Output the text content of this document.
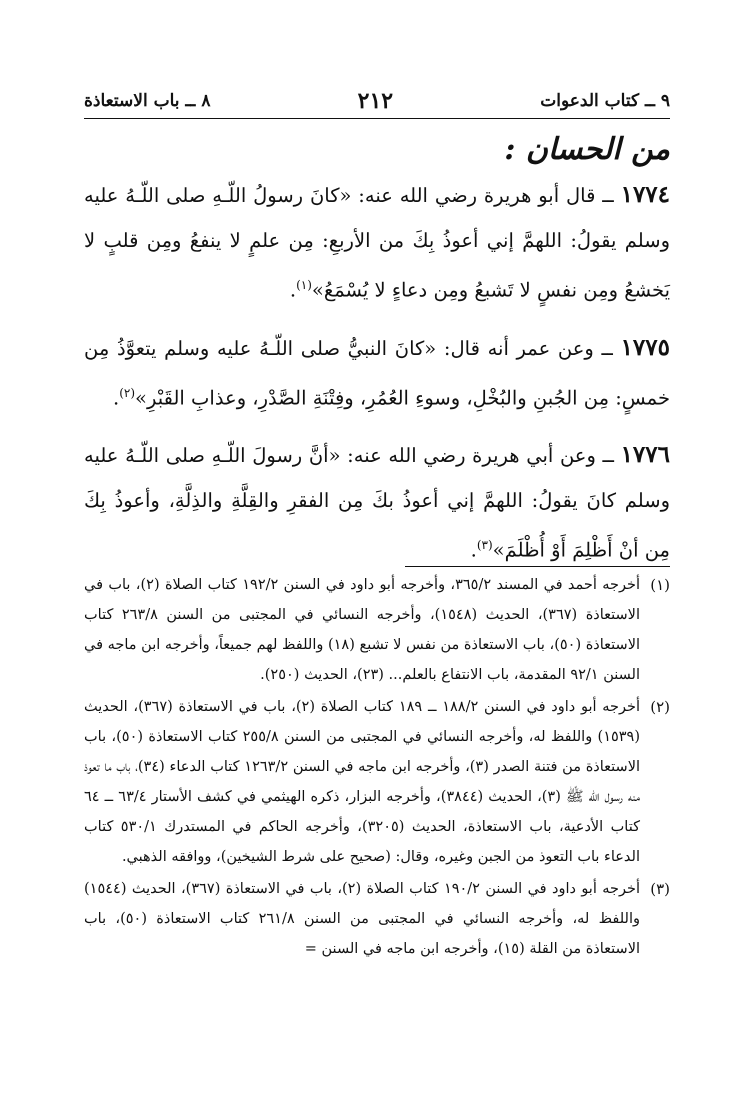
٩ ــ كتاب الدعوات
٢١٢
٨ ــ باب الاستعاذة
من الحسان :

١٧٧٤ ــ قال أبو هريرة رضي الله عنه: «كانَ رسولُ اللّـهِ صلى اللّـهُ عليه وسلم يقولُ: اللهمَّ إني أعوذُ بِكَ من الأربعِ: مِن علمٍ لا ينفعُ ومِن قلبٍ لا يَخشعُ ومِن نفسٍ لا تَشبعُ ومِن دعاءٍ لا يُسْمَعُ»$^{(١)}$.

١٧٧٥ ــ وعن عمر أنه قال: «كانَ النبيُّ صلى اللّـهُ عليه وسلم يتعوَّذُ مِن خمسٍ: مِن الجُبنِ والبُخْلِ، وسوءِ العُمُرِ، وفِتْنَةِ الصَّدْرِ، وعذابِ القَبْرِ»$^{(٢)}$.

١٧٧٦ ــ وعن أبي هريرة رضي الله عنه: «أنَّ رسولَ اللّـهِ صلى اللّـهُ عليه وسلم كانَ يقولُ: اللهمَّ إني أعوذُ بكَ مِن الفقرِ والقِلَّةِ والذِلَّةِ، وأعوذُ بِكَ مِن أنْ أَظْلِمَ أَوْ أُظْلَمَ»$^{(٣)}$.

(١)
أخرجه أحمد في المسند ٣٦٥/٢، وأخرجه أبو داود في السنن ١٩٢/٢ كتاب الصلاة (٢)، باب في الاستعاذة (٣٦٧)، الحديث (١٥٤٨)، وأخرجه النسائي في المجتبى من السنن ٢٦٣/٨ كتاب الاستعاذة (٥٠)، باب الاستعاذة من نفس لا تشبع (١٨) واللفظ لهم جميعاً، وأخرجه ابن ماجه في السنن ٩٢/١ المقدمة، باب الانتفاع بالعلم... (٢٣)، الحديث (٢٥٠).

(٢)
أخرجه أبو داود في السنن ١٨٨/٢ ــ ١٨٩ كتاب الصلاة (٢)، باب في الاستعاذة (٣٦٧)، الحديث (١٥٣٩) واللفظ له، وأخرجه النسائي في المجتبى من السنن ٢٥٥/٨ كتاب الاستعاذة (٥٠)، باب الاستعاذة من فتنة الصدر (٣)، وأخرجه ابن ماجه في السنن ١٢٦٣/٢ كتاب الدعاء (٣٤)، باب ما تعوذ منه رسول الله ﷺ (٣)، الحديث (٣٨٤٤)، وأخرجه البزار، ذكره الهيثمي في كشف الأستار ٦٣/٤ ــ ٦٤ كتاب الأدعية، باب الاستعاذة، الحديث (٣٢٠٥)، وأخرجه الحاكم في المستدرك ٥٣٠/١ كتاب الدعاء باب التعوذ من الجبن وغيره، وقال: (صحيح على شرط الشيخين)، ووافقه الذهبي.

(٣)
أخرجه أبو داود في السنن ١٩٠/٢ كتاب الصلاة (٢)، باب في الاستعاذة (٣٦٧)، الحديث (١٥٤٤) واللفظ له، وأخرجه النسائي في المجتبى من السنن ٢٦١/٨ كتاب الاستعاذة (٥٠)، باب الاستعاذة من القلة (١٥)، وأخرجه ابن ماجه في السنن =
